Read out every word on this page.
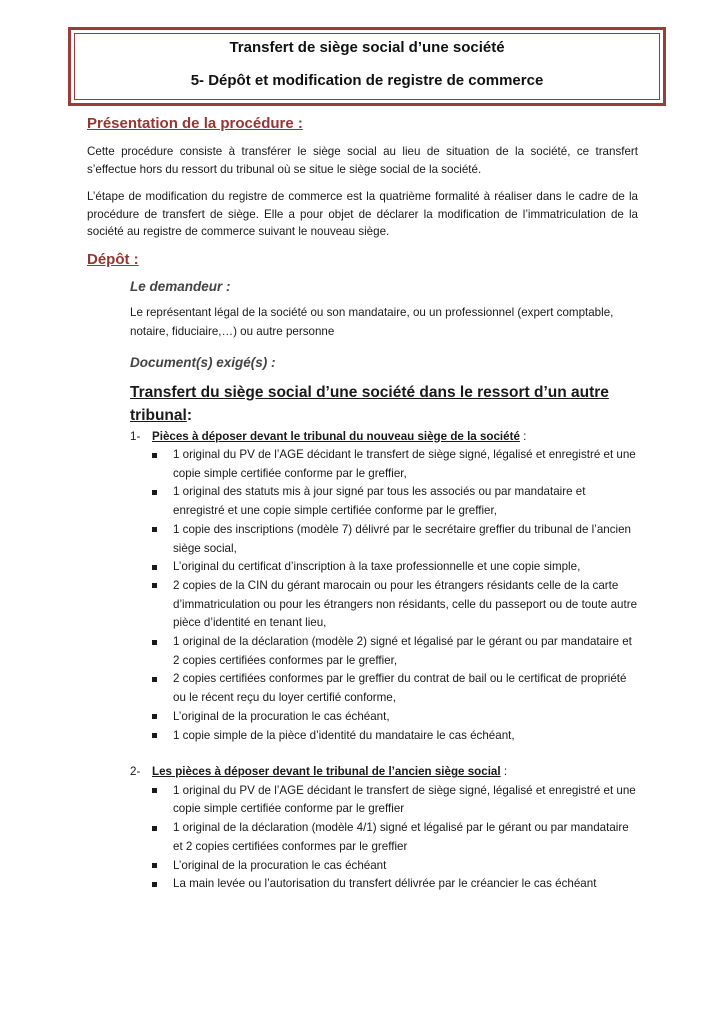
Transfert de siège social d’une société
5- Dépôt et modification de registre de commerce
Présentation de la procédure :

Cette procédure consiste à transférer le siège social au lieu de situation de la société, ce transfert s’effectue hors du ressort du tribunal où se situe le siège social de la société.

L’étape de modification du registre de commerce est la quatrième formalité à réaliser dans le cadre de la procédure de transfert de siège. Elle a pour objet de déclarer la modification de l’immatriculation de la société au registre de commerce suivant le nouveau siège.

Dépôt :
Le demandeur :

Le représentant légal de la société ou son mandataire, ou un professionnel (expert comptable, notaire, fiduciaire,…) ou autre personne

Document(s) exigé(s) :

Transfert du siège social d’une société dans le ressort d’un autre tribunal:

1- Pièces à déposer devant le tribunal du nouveau siège de la société :
1 original du PV de l’AGE décidant le transfert de siège signé, légalisé et enregistré et une copie simple certifiée conforme par le greffier,
1 original des statuts mis à jour signé par tous les associés ou par mandataire et enregistré et une copie simple certifiée conforme par le greffier,
1 copie des inscriptions (modèle 7) délivré par le secrétaire greffier du tribunal de l’ancien siège social,
L’original du certificat d’inscription à la taxe professionnelle et une copie simple,
2 copies de la CIN du gérant marocain ou pour les étrangers résidants celle de la carte d’immatriculation ou pour les étrangers non résidants, celle du passeport ou de toute autre pièce d’identité en tenant lieu,
1 original de la déclaration (modèle 2) signé et légalisé par le gérant ou par mandataire et 2 copies certifiées conformes par le greffier,
2 copies certifiées conformes par le greffier du contrat de bail ou le certificat de propriété ou le récent reçu du loyer certifié conforme,
L’original de la procuration le cas échéant,
1 copie simple de la pièce d’identité du mandataire le cas échéant,
2- Les pièces à déposer devant le tribunal de l’ancien siège social :
1 original du PV de l’AGE décidant le transfert de siège signé, légalisé et enregistré et une copie simple certifiée conforme par le greffier
1 original de la déclaration (modèle 4/1) signé et légalisé par le gérant ou par mandataire et 2 copies certifiées conformes par le greffier
L’original de la procuration le cas échéant
La main levée ou l’autorisation du transfert délivrée par le créancier le cas échéant
